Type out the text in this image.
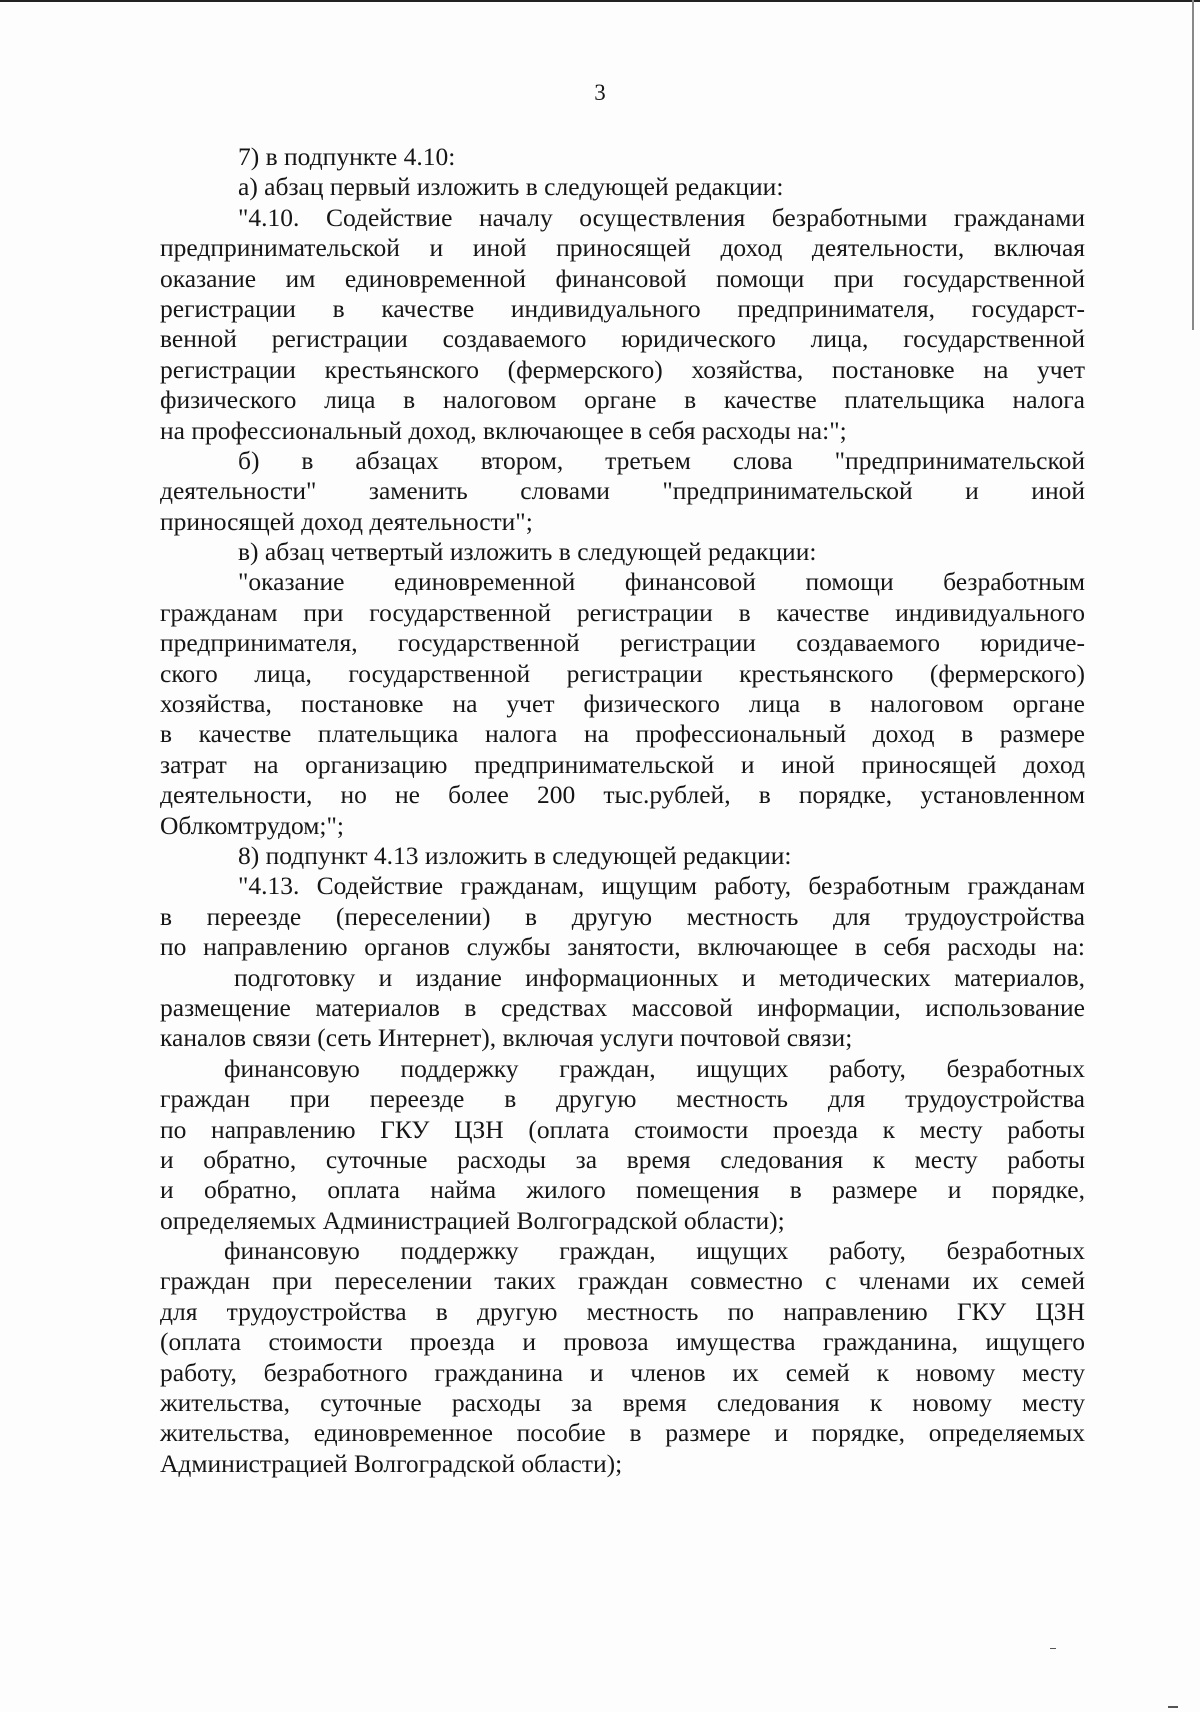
3
7) в подпункте 4.10:
а) абзац первый изложить в следующей редакции:
"4.10. Содействие началу осуществления безработными гражданами
предпринимательской и иной приносящей доход деятельности, включая
оказание им единовременной финансовой помощи при государственной
регистрации в качестве индивидуального предпринимателя, государст-
венной регистрации создаваемого юридического лица, государственной
регистрации крестьянского (фермерского) хозяйства, постановке на учет
физического лица в налоговом органе в качестве плательщика налога
на профессиональный доход, включающее в себя расходы на:";
б) в абзацах втором, третьем слова "предпринимательской
деятельности" заменить словами "предпринимательской и иной
приносящей доход деятельности";
в) абзац четвертый изложить в следующей редакции:
"оказание единовременной финансовой помощи безработным
гражданам при государственной регистрации в качестве индивидуального
предпринимателя, государственной регистрации создаваемого юридиче-
ского лица, государственной регистрации крестьянского (фермерского)
хозяйства, постановке на учет физического лица в налоговом органе
в качестве плательщика налога на профессиональный доход в размере
затрат на организацию предпринимательской и иной приносящей доход
деятельности, но не более 200 тыс.рублей, в порядке, установленном
Облкомтрудом;";
8) подпункт 4.13 изложить в следующей редакции:
"4.13. Содействие гражданам, ищущим работу, безработным гражданам
в переезде (переселении) в другую местность для трудоустройства
по направлению органов службы занятости, включающее в себя расходы на:
подготовку и издание информационных и методических материалов,
размещение материалов в средствах массовой информации, использование
каналов связи (сеть Интернет), включая услуги почтовой связи;
финансовую поддержку граждан, ищущих работу, безработных
граждан при переезде в другую местность для трудоустройства
по направлению ГКУ ЦЗН (оплата стоимости проезда к месту работы
и обратно, суточные расходы за время следования к месту работы
и обратно, оплата найма жилого помещения в размере и порядке,
определяемых Администрацией Волгоградской области);
финансовую поддержку граждан, ищущих работу, безработных
граждан при переселении таких граждан совместно с членами их семей
для трудоустройства в другую местность по направлению ГКУ ЦЗН
(оплата стоимости проезда и провоза имущества гражданина, ищущего
работу, безработного гражданина и членов их семей к новому месту
жительства, суточные расходы за время следования к новому месту
жительства, единовременное пособие в размере и порядке, определяемых
Администрацией Волгоградской области);
